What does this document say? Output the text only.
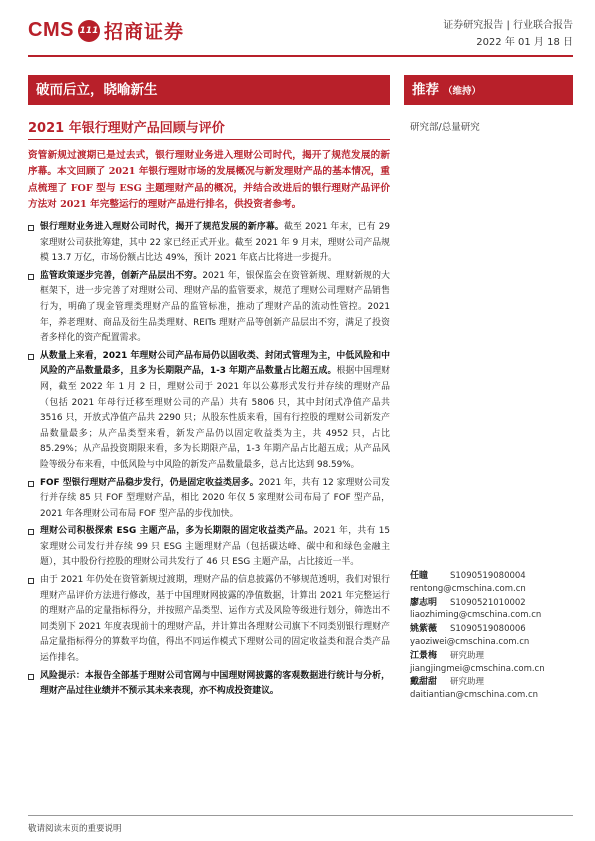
CMS 111 招商证券	证券研究报告 | 行业联合报告
2022 年 01 月 18 日
破而后立，晓喻新生	推荐 （维持）
2021 年银行理财产品回顾与评价	研究部/总量研究

资管新规过渡期已是过去式，银行理财业务进入理财公司时代，揭开了规范发展的新序幕。本文回顾了 2021 年银行理财市场的发展概况与新发理财产品的基本情况，重点梳理了 FOF 型与 ESG 主题理财产品的概况，并结合改进后的银行理财产品评价方法对 2021 年完整运行的理财产品进行排名，供投资者参考。

银行理财业务进入理财公司时代，揭开了规范发展的新序幕。截至 2021 年末，已有 29 家理财公司获批筹建，其中 22 家已经正式开业。截至 2021 年 9 月末，理财公司产品规模 13.7 万亿，市场份额占比达 49%，预计 2021 年底占比将进一步提升。
监管政策逐步完善，创新产品层出不穷。2021 年，银保监会在资管新规、理财新规的大框架下，进一步完善了对理财公司、理财产品的监管要求，规范了理财公司理财产品销售行为，明确了现金管理类理财产品的监管标准，推动了理财产品的流动性管控。2021 年，养老理财、商品及衍生品类理财、REITs 理财产品等创新产品层出不穷，满足了投资者多样化的资产配置需求。
从数量上来看，2021 年理财公司产品布局仍以固收类、封闭式管理为主，中低风险和中风险的产品数量最多，且多为长期限产品，1-3 年期产品数量占比超五成。根据中国理财网，截至 2022 年 1 月 2 日，理财公司于 2021 年以公募形式发行并存续的理财产品（包括 2021 年母行迁移至理财公司的产品）共有 5806 只，其中封闭式净值产品共 3516 只，开放式净值产品共 2290 只；从股东性质来看，国有行控股的理财公司新发产品数量最多；从产品类型来看，新发产品仍以固定收益类为主，共 4952 只，占比 85.29%；从产品投资期限来看，多为长期限产品，1-3 年期产品占比超五成；从产品风险等级分布来看，中低风险与中风险的新发产品数量最多，总占比达到 98.59%。
FOF 型银行理财产品稳步发行，仍是固定收益类居多。2021 年，共有 12 家理财公司发行并存续 85 只 FOF 型理财产品，相比 2020 年仅 5 家理财公司布局了 FOF 型产品，2021 年各理财公司布局 FOF 型产品的步伐加快。
理财公司积极探索 ESG 主题产品，多为长期限的固定收益类产品。2021 年，共有 15 家理财公司发行并存续 99 只 ESG 主题理财产品（包括碳达峰、碳中和和绿色金融主题），其中股份行控股的理财公司共发行了 46 只 ESG 主题产品，占比接近一半。
由于 2021 年仍处在资管新规过渡期，理财产品的信息披露仍不够规范透明，我们对银行理财产品评价方法进行修改，基于中国理财网披露的净值数据，计算出 2021 年完整运行的理财产品的定量指标得分，并按照产品类型、运作方式及风险等级进行划分，筛选出不同类别下 2021 年度表现前十的理财产品，并计算出各理财公司旗下不同类别银行理财产品定量指标得分的算数平均值，得出不同运作模式下理财公司的固定收益类和混合类产品运作排名。
风险提示：本报告全部基于理财公司官网与中国理财网披露的客观数据进行统计与分析，理财产品过往业绩并不预示其未来表现，亦不构成投资建议。
任瞳	S1090519080004
rentong@cmschina.com.cn
廖志明 S1090521010002
liaozhiming@cmschina.com.cn
姚紫薇 S1090519080006
yaoziwei@cmschina.com.cn
江景梅 研究助理
jiangjingmei@cmschina.com.cn
戴甜甜 研究助理
daitiantian@cmschina.com.cn
敬请阅读末页的重要说明
